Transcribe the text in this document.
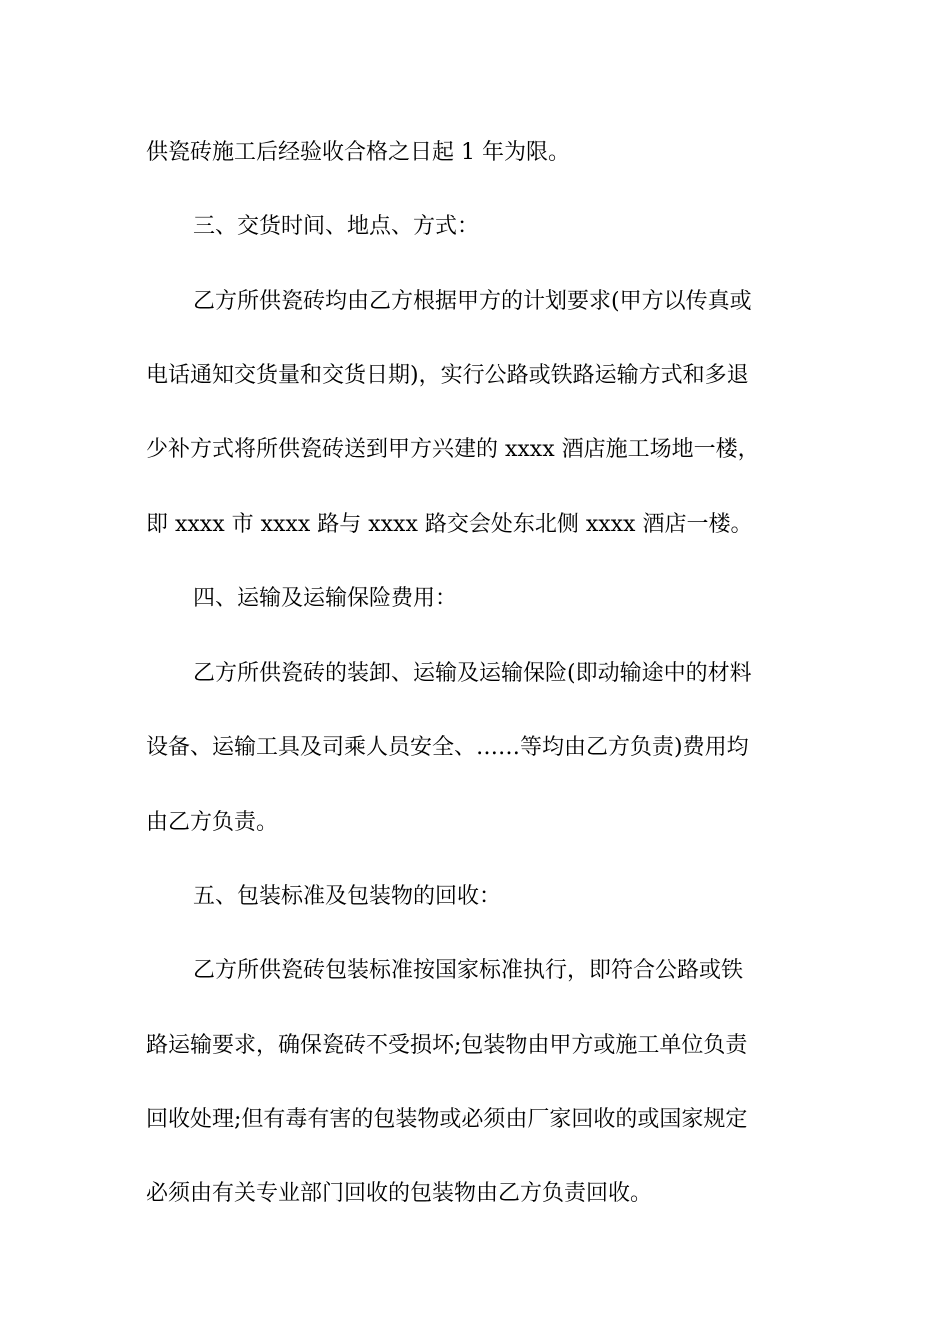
供瓷砖施工后经验收合格之日起 1 年为限。
三、交货时间、地点、方式：
乙方所供瓷砖均由乙方根据甲方的计划要求(甲方以传真或
电话通知交货量和交货日期)，实行公路或铁路运输方式和多退
少补方式将所供瓷砖送到甲方兴建的 xxxx 酒店施工场地一楼，
即 xxxx 市 xxxx 路与 xxxx 路交会处东北侧 xxxx 酒店一楼。
四、运输及运输保险费用：
乙方所供瓷砖的装卸、运输及运输保险(即动输途中的材料
设备、运输工具及司乘人员安全、……等均由乙方负责)费用均
由乙方负责。
五、包装标准及包装物的回收：
乙方所供瓷砖包装标准按国家标准执行，即符合公路或铁
路运输要求，确保瓷砖不受损坏;包装物由甲方或施工单位负责
回收处理;但有毒有害的包装物或必须由厂家回收的或国家规定
必须由有关专业部门回收的包装物由乙方负责回收。
